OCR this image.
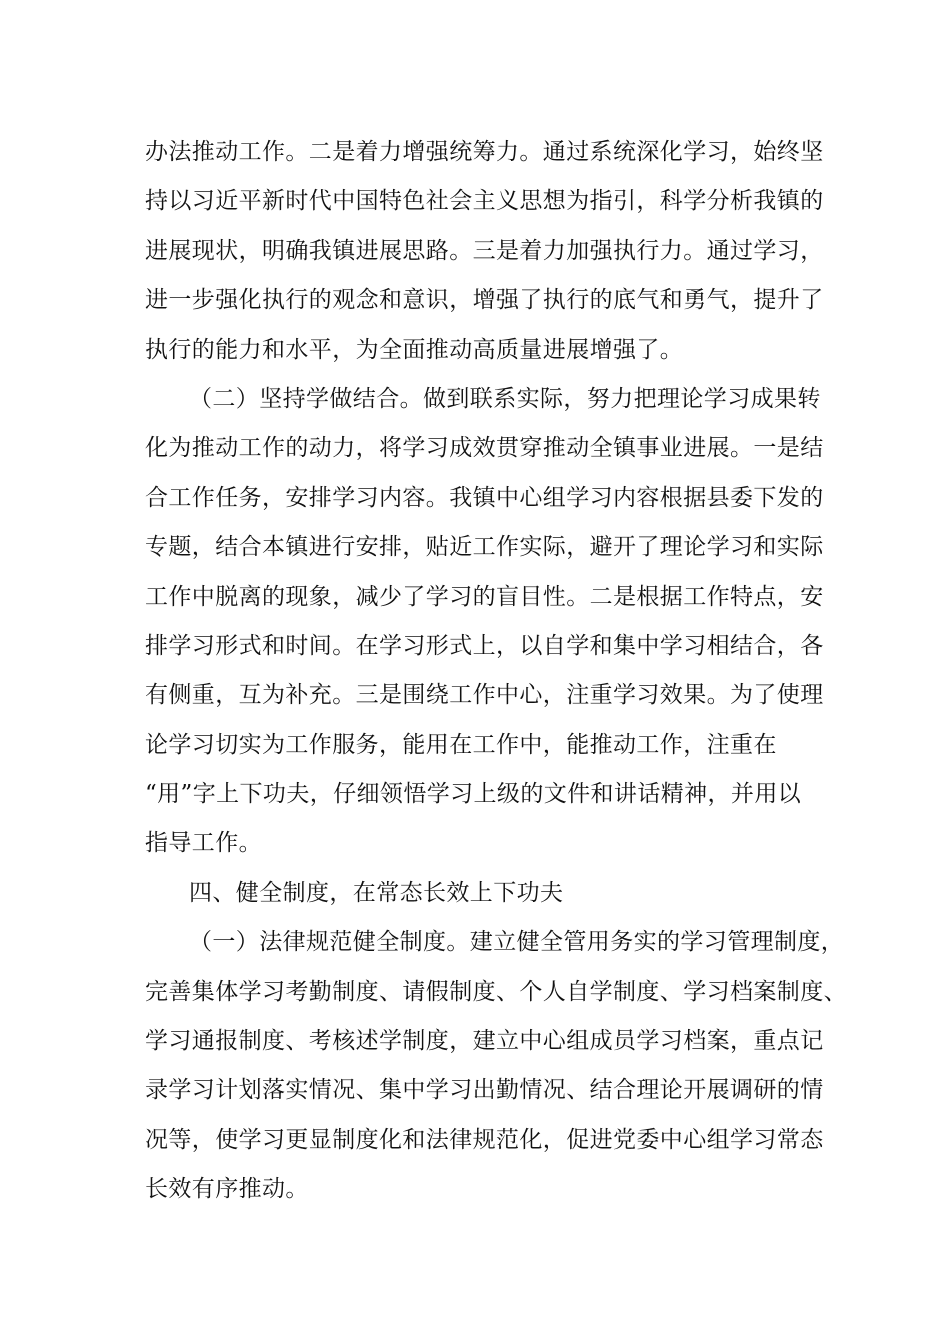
办法推动工作。二是着力增强统筹力。通过系统深化学习，始终坚
持以习近平新时代中国特色社会主义思想为指引，科学分析我镇的
进展现状，明确我镇进展思路。三是着力加强执行力。通过学习，
进一步强化执行的观念和意识，增强了执行的底气和勇气，提升了
执行的能力和水平，为全面推动高质量进展增强了。
（二）坚持学做结合。做到联系实际，努力把理论学习成果转
化为推动工作的动力，将学习成效贯穿推动全镇事业进展。一是结
合工作任务，安排学习内容。我镇中心组学习内容根据县委下发的
专题，结合本镇进行安排，贴近工作实际，避开了理论学习和实际
工作中脱离的现象，减少了学习的盲目性。二是根据工作特点，安
排学习形式和时间。在学习形式上，以自学和集中学习相结合，各
有侧重，互为补充。三是围绕工作中心，注重学习效果。为了使理
论学习切实为工作服务，能用在工作中，能推动工作，注重在
“用”字上下功夫，仔细领悟学习上级的文件和讲话精神，并用以
指导工作。
四、健全制度，在常态长效上下功夫
（一）法律规范健全制度。建立健全管用务实的学习管理制度，
完善集体学习考勤制度、请假制度、个人自学制度、学习档案制度、
学习通报制度、考核述学制度，建立中心组成员学习档案，重点记
录学习计划落实情况、集中学习出勤情况、结合理论开展调研的情
况等，使学习更显制度化和法律规范化，促进党委中心组学习常态
长效有序推动。
